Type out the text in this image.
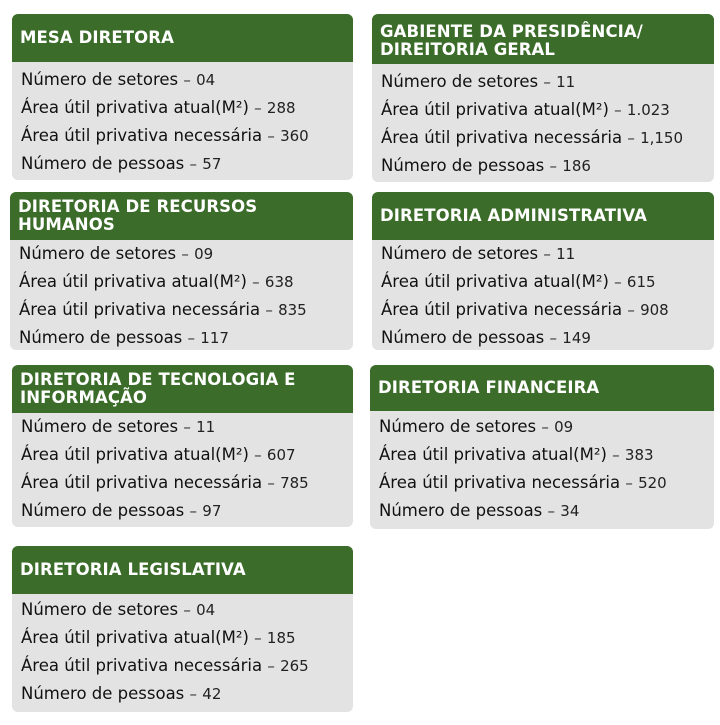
MESA DIRETORA
Número de setores – 04
Área útil privativa atual(M²) – 288
Área útil privativa necessária – 360
Número de pessoas – 57
GABIENTE DA PRESIDÊNCIA/ DIREITORIA GERAL
Número de setores – 11
Área útil privativa atual(M²) – 1.023
Área útil privativa necessária – 1,150
Número de pessoas – 186
DIRETORIA DE RECURSOS HUMANOS
Número de setores – 09
Área útil privativa atual(M²) – 638
Área útil privativa necessária – 835
Número de pessoas – 117
DIRETORIA ADMINISTRATIVA
Número de setores – 11
Área útil privativa atual(M²) – 615
Área útil privativa necessária – 908
Número de pessoas – 149
DIRETORIA DE TECNOLOGIA E INFORMAÇÃO
Número de setores – 11
Área útil privativa atual(M²) – 607
Área útil privativa necessária – 785
Número de pessoas – 97
DIRETORIA FINANCEIRA
Número de setores – 09
Área útil privativa atual(M²) – 383
Área útil privativa necessária – 520
Número de pessoas – 34
DIRETORIA LEGISLATIVA
Número de setores – 04
Área útil privativa atual(M²) – 185
Área útil privativa necessária – 265
Número de pessoas – 42
